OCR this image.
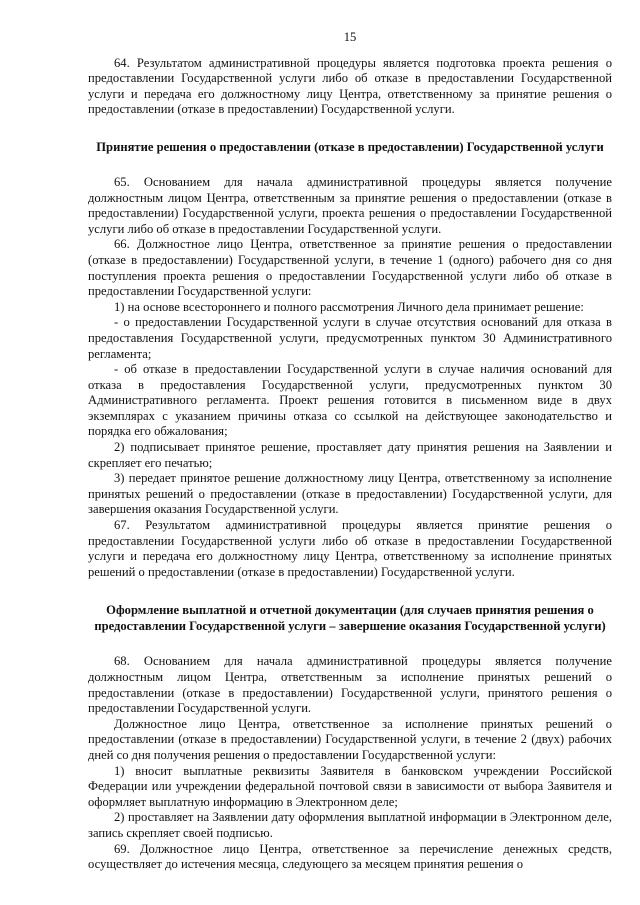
15

64. Результатом административной процедуры является подготовка проекта решения о предоставлении Государственной услуги либо об отказе в предоставлении Государственной услуги и передача его должностному лицу Центра, ответственному за принятие решения о предоставлении (отказе в предоставлении) Государственной услуги.

Принятие решения о предоставлении (отказе в предоставлении) Государственной услуги

65. Основанием для начала административной процедуры является получение должностным лицом Центра, ответственным за принятие решения о предоставлении (отказе в предоставлении) Государственной услуги, проекта решения о предоставлении Государственной услуги либо об отказе в предоставлении Государственной услуги.

66. Должностное лицо Центра, ответственное за принятие решения о предоставлении (отказе в предоставлении) Государственной услуги, в течение 1 (одного) рабочего дня со дня поступления проекта решения о предоставлении Государственной услуги либо об отказе в предоставлении Государственной услуги:

1) на основе всестороннего и полного рассмотрения Личного дела принимает решение:

- о предоставлении Государственной услуги в случае отсутствия оснований для отказа в предоставления Государственной услуги, предусмотренных пунктом 30 Административного регламента;

- об отказе в предоставлении Государственной услуги в случае наличия оснований для отказа в предоставления Государственной услуги, предусмотренных пунктом 30 Административного регламента. Проект решения готовится в письменном виде в двух экземплярах с указанием причины отказа со ссылкой на действующее законодательство и порядка его обжалования;

2) подписывает принятое решение, проставляет дату принятия решения на Заявлении и скрепляет его печатью;

3) передает принятое решение должностному лицу Центра, ответственному за исполнение принятых решений о предоставлении (отказе в предоставлении) Государственной услуги, для завершения оказания Государственной услуги.

67. Результатом административной процедуры является принятие решения о предоставлении Государственной услуги либо об отказе в предоставлении Государственной услуги и передача его должностному лицу Центра, ответственному за исполнение принятых решений о предоставлении (отказе в предоставлении) Государственной услуги.

Оформление выплатной и отчетной документации (для случаев принятия решения о предоставлении Государственной услуги – завершение оказания Государственной услуги)

68. Основанием для начала административной процедуры является получение должностным лицом Центра, ответственным за исполнение принятых решений о предоставлении (отказе в предоставлении) Государственной услуги, принятого решения о предоставлении Государственной услуги.

Должностное лицо Центра, ответственное за исполнение принятых решений о предоставлении (отказе в предоставлении) Государственной услуги, в течение 2 (двух) рабочих дней со дня получения решения о предоставлении Государственной услуги:

1) вносит выплатные реквизиты Заявителя в банковском учреждении Российской Федерации или учреждении федеральной почтовой связи в зависимости от выбора Заявителя и оформляет выплатную информацию в Электронном деле;

2) проставляет на Заявлении дату оформления выплатной информации в Электронном деле, запись скрепляет своей подписью.

69. Должностное лицо Центра, ответственное за перечисление денежных средств, осуществляет до истечения месяца, следующего за месяцем принятия решения о
